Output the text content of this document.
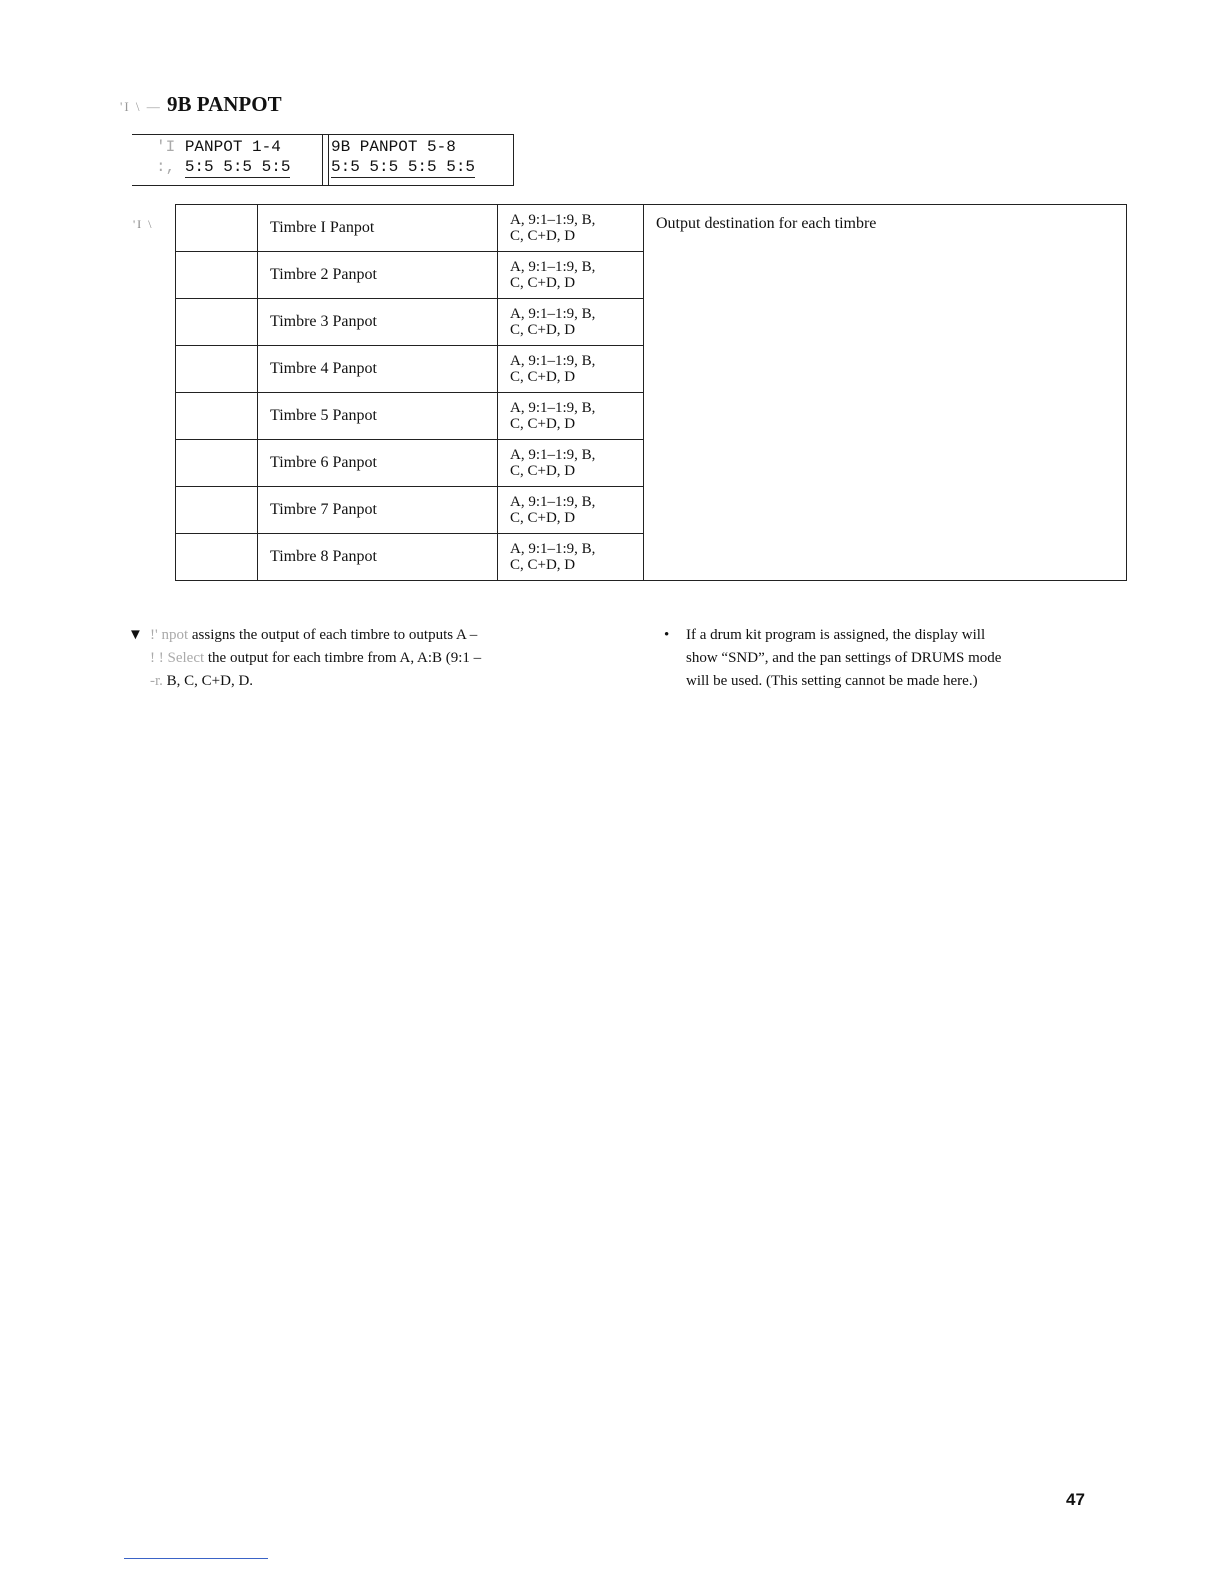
'I \ — 9B PANPOT
'I PANPOT 1-4
:, 5:5 5:5 5:5
9B PANPOT 5-8
5:5 5:5 5:5 5:5
'I \
		Timbre I Panpot	A, 9:1–1:9, B,
C, C+D, D	Output destination for each timbre
	Timbre 2 Panpot	A, 9:1–1:9, B,
C, C+D, D	

	Timbre 3 Panpot	A, 9:1–1:9, B,
C, C+D, D	

	Timbre 4 Panpot	A, 9:1–1:9, B,
C, C+D, D	

	Timbre 5 Panpot	A, 9:1–1:9, B,
C, C+D, D	

	Timbre 6 Panpot	A, 9:1–1:9, B,
C, C+D, D	

	Timbre 7 Panpot	A, 9:1–1:9, B,
C, C+D, D	

	Timbre 8 Panpot	A, 9:1–1:9, B,
C, C+D, D	
▼ !' npot assigns the output of each timbre to outputs A –
! ! Select the output for each timbre from A, A:B (9:1 –
-r. B, C, C+D, D.
•	If a drum kit program is assigned, the display will
show “SND”, and the pan settings of DRUMS mode
will be used. (This setting cannot be made here.)
47
